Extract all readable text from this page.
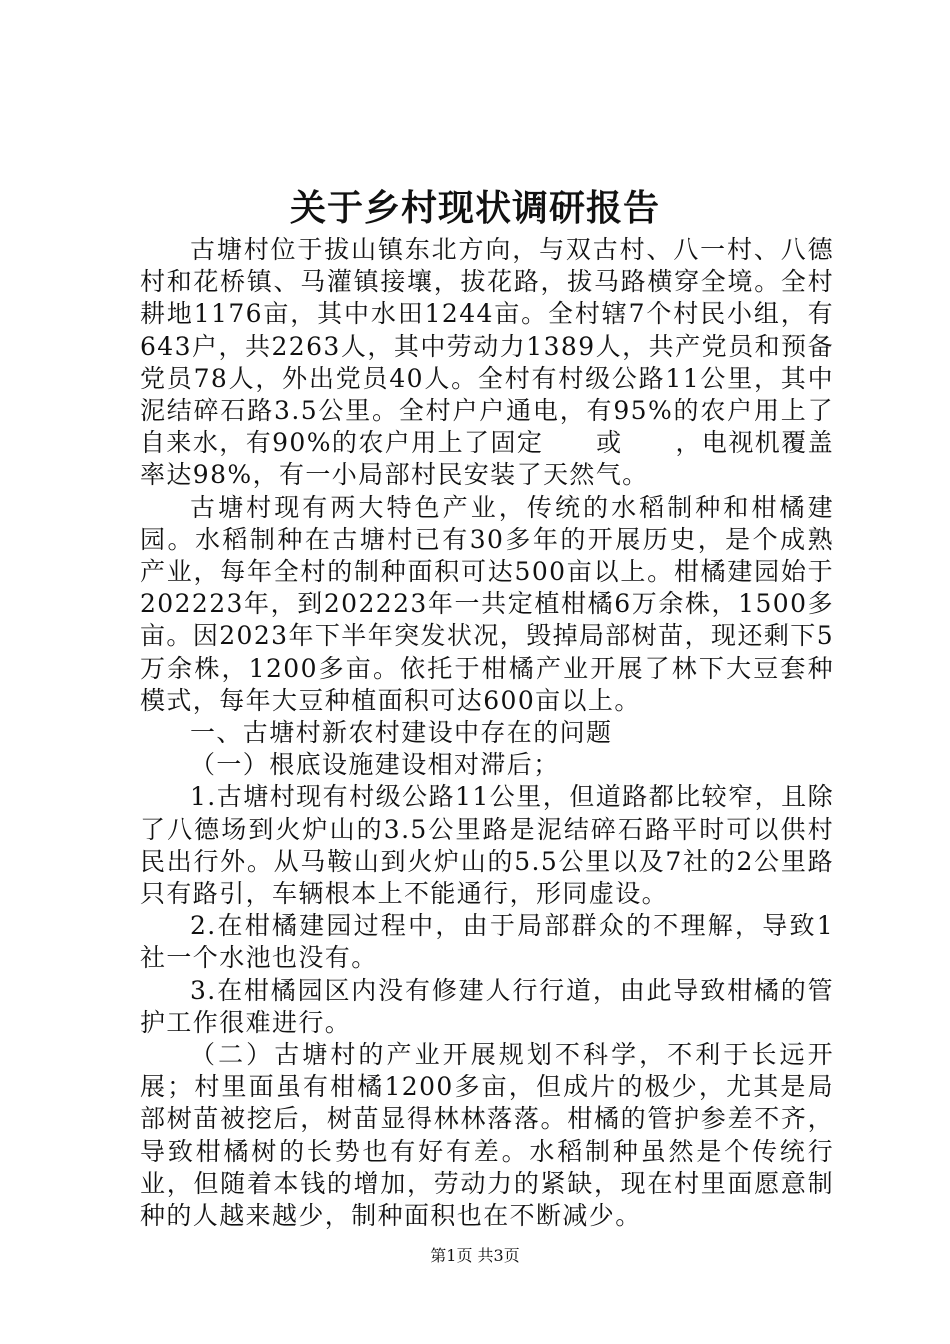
关于乡村现状调研报告

古塘村位于拔山镇东北方向，与双古村、八一村、八德村和花桥镇、马灌镇接壤，拔花路，拔马路横穿全境。全村耕地1176亩，其中水田1244亩。全村辖7个村民小组，有643户，共2263人，其中劳动力1389人，共产党员和预备党员78人，外出党员40人。全村有村级公路11公里，其中泥结碎石路3.5公里。全村户户通电，有95%的农户用上了自来水，有90%的农户用上了固定　　或　　，电视机覆盖率达98%，有一小局部村民安装了天然气。

古塘村现有两大特色产业，传统的水稻制种和柑橘建园。水稻制种在古塘村已有30多年的开展历史，是个成熟产业，每年全村的制种面积可达500亩以上。柑橘建园始于202223年，到202223年一共定植柑橘6万余株，1500多亩。因2023年下半年突发状况，毁掉局部树苗，现还剩下5万余株，1200多亩。依托于柑橘产业开展了林下大豆套种模式，每年大豆种植面积可达600亩以上。

一、古塘村新农村建设中存在的问题

（一）根底设施建设相对滞后；

1.古塘村现有村级公路11公里，但道路都比较窄，且除了八德场到火炉山的3.5公里路是泥结碎石路平时可以供村民出行外。从马鞍山到火炉山的5.5公里以及7社的2公里路只有路引，车辆根本上不能通行，形同虚设。

2.在柑橘建园过程中，由于局部群众的不理解，导致1社一个水池也没有。

3.在柑橘园区内没有修建人行行道，由此导致柑橘的管护工作很难进行。

（二）古塘村的产业开展规划不科学，不利于长远开展；村里面虽有柑橘1200多亩，但成片的极少，尤其是局部树苗被挖后，树苗显得林林落落。柑橘的管护参差不齐，导致柑橘树的长势也有好有差。水稻制种虽然是个传统行业，但随着本钱的增加，劳动力的紧缺，现在村里面愿意制种的人越来越少，制种面积也在不断减少。

第1页 共3页
